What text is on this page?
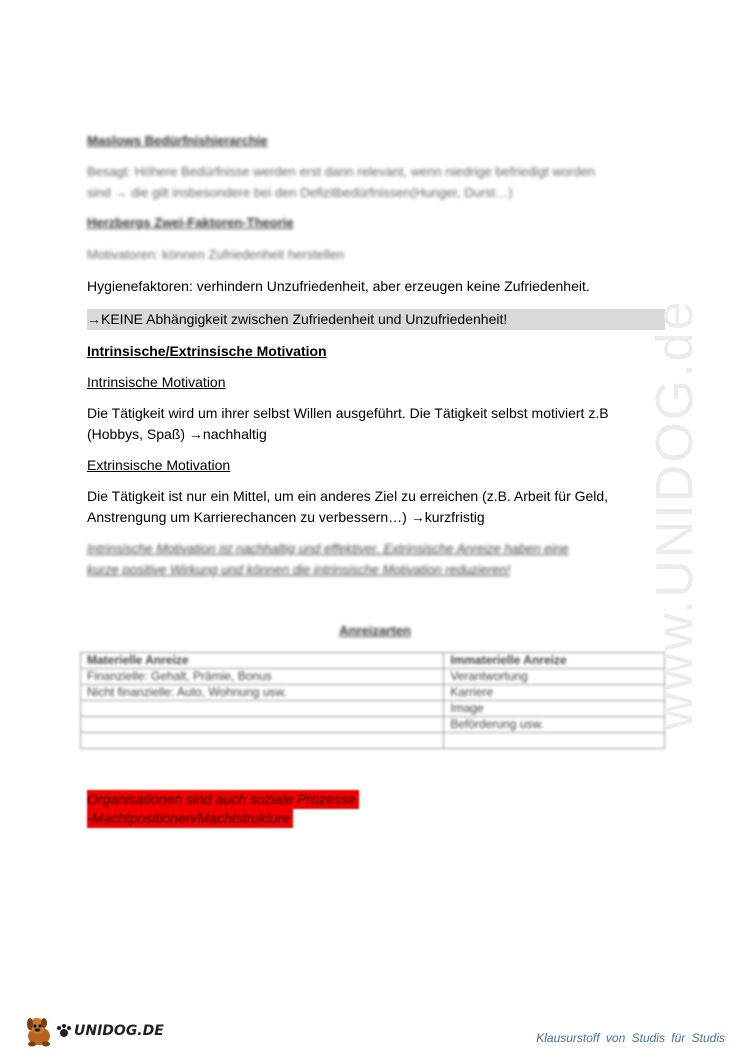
Maslows Bedürfnishierarchie
Besagt: Höhere Bedürfnisse werden erst dann relevant, wenn niedrige befriedigt worden
sind → die gilt insbesondere bei den Defizitbedürfnissen(Hunger, Durst…)
Herzbergs Zwei-Faktoren-Theorie
Motivatoren: können Zufriedenheit herstellen
Hygienefaktoren: verhindern Unzufriedenheit, aber erzeugen keine Zufriedenheit.
→KEINE Abhängigkeit zwischen Zufriedenheit und Unzufriedenheit!
Intrinsische/Extrinsische Motivation
Intrinsische Motivation
Die Tätigkeit wird um ihrer selbst Willen ausgeführt. Die Tätigkeit selbst motiviert z.B
(Hobbys, Spaß) →nachhaltig
Extrinsische Motivation
Die Tätigkeit ist nur ein Mittel, um ein anderes Ziel zu erreichen (z.B. Arbeit für Geld,
Anstrengung um Karrierechancen zu verbessern…) →kurzfristig
Intrinsische Motivation ist nachhaltig und effektiver. Extrinsische Anreize haben eine
kurze positive Wirkung und können die intrinsische Motivation reduzieren!
Anreizarten
Materielle Anreize	Immaterielle Anreize
Finanzielle: Gehalt, Prämie, Bonus	Verantwortung
Nicht finanzielle: Auto, Wohnung usw.	Karriere
	Image
	Beförderung usw.

Organisationen sind auch soziale Prozesse
-Machtpositionen/Machtstrukture
www.UNIDOG.de
UNIDOG.DE	Klausurstoff von Studis für Studis
